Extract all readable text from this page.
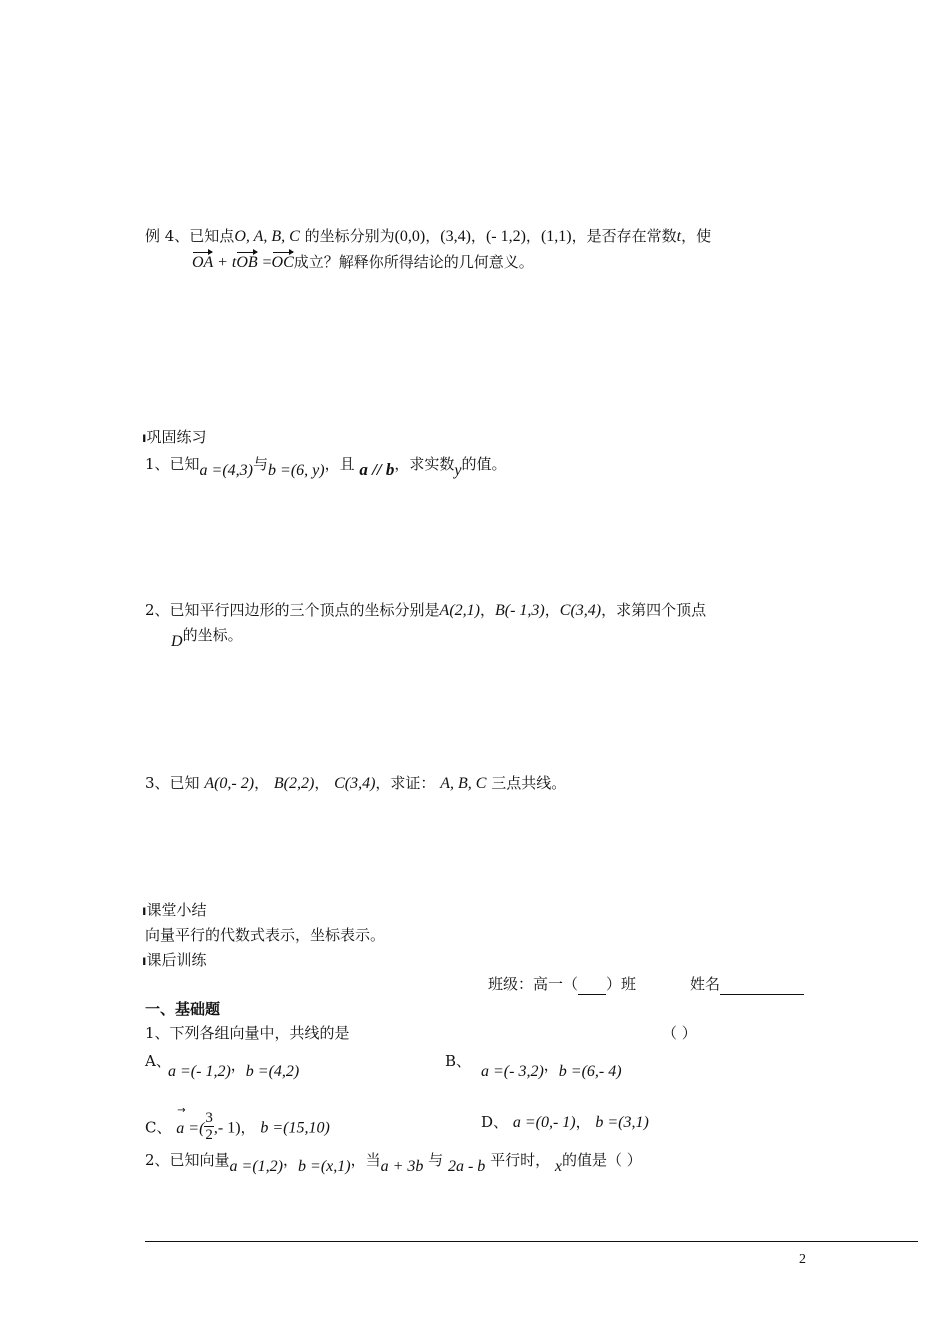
例 4、已知点O, A, B, C 的坐标分别为(0,0)，(3,4)，(- 1,2)，(1,1)，是否存在常数t，使
OA + tOB =OC成立？解释你所得结论的几何意义。
ı巩固练习
1、已知a =(4,3)与b =(6, y)，且 a // b，求实数y的值。
2、已知平行四边形的三个顶点的坐标分别是A(2,1)，B(- 1,3)，C(3,4)，求第四个顶点
D的坐标。
3、已知 A(0,- 2)， B(2,2)， C(3,4)，求证： A, B, C 三点共线。
ı课堂小结
向量平行的代数式表示，坐标表示。
ı课后训练
班级：高一（ ）班	姓名
一、基础题
1、下列各组向量中，共线的是	（ ）
A、
a =(- 1,2)，b =(4,2)
B、
a =(- 3,2)，b =(6,- 4)
C、
→
a =( $\frac{3}{2}$ ,- 1)， b =(15,10)	D、 a =(0,- 1)， b =(3,1)
2、已知向量a =(1,2)，b =(x,1)，当a + 3b 与 2a - b 平行时， x的值是（ ）
2
